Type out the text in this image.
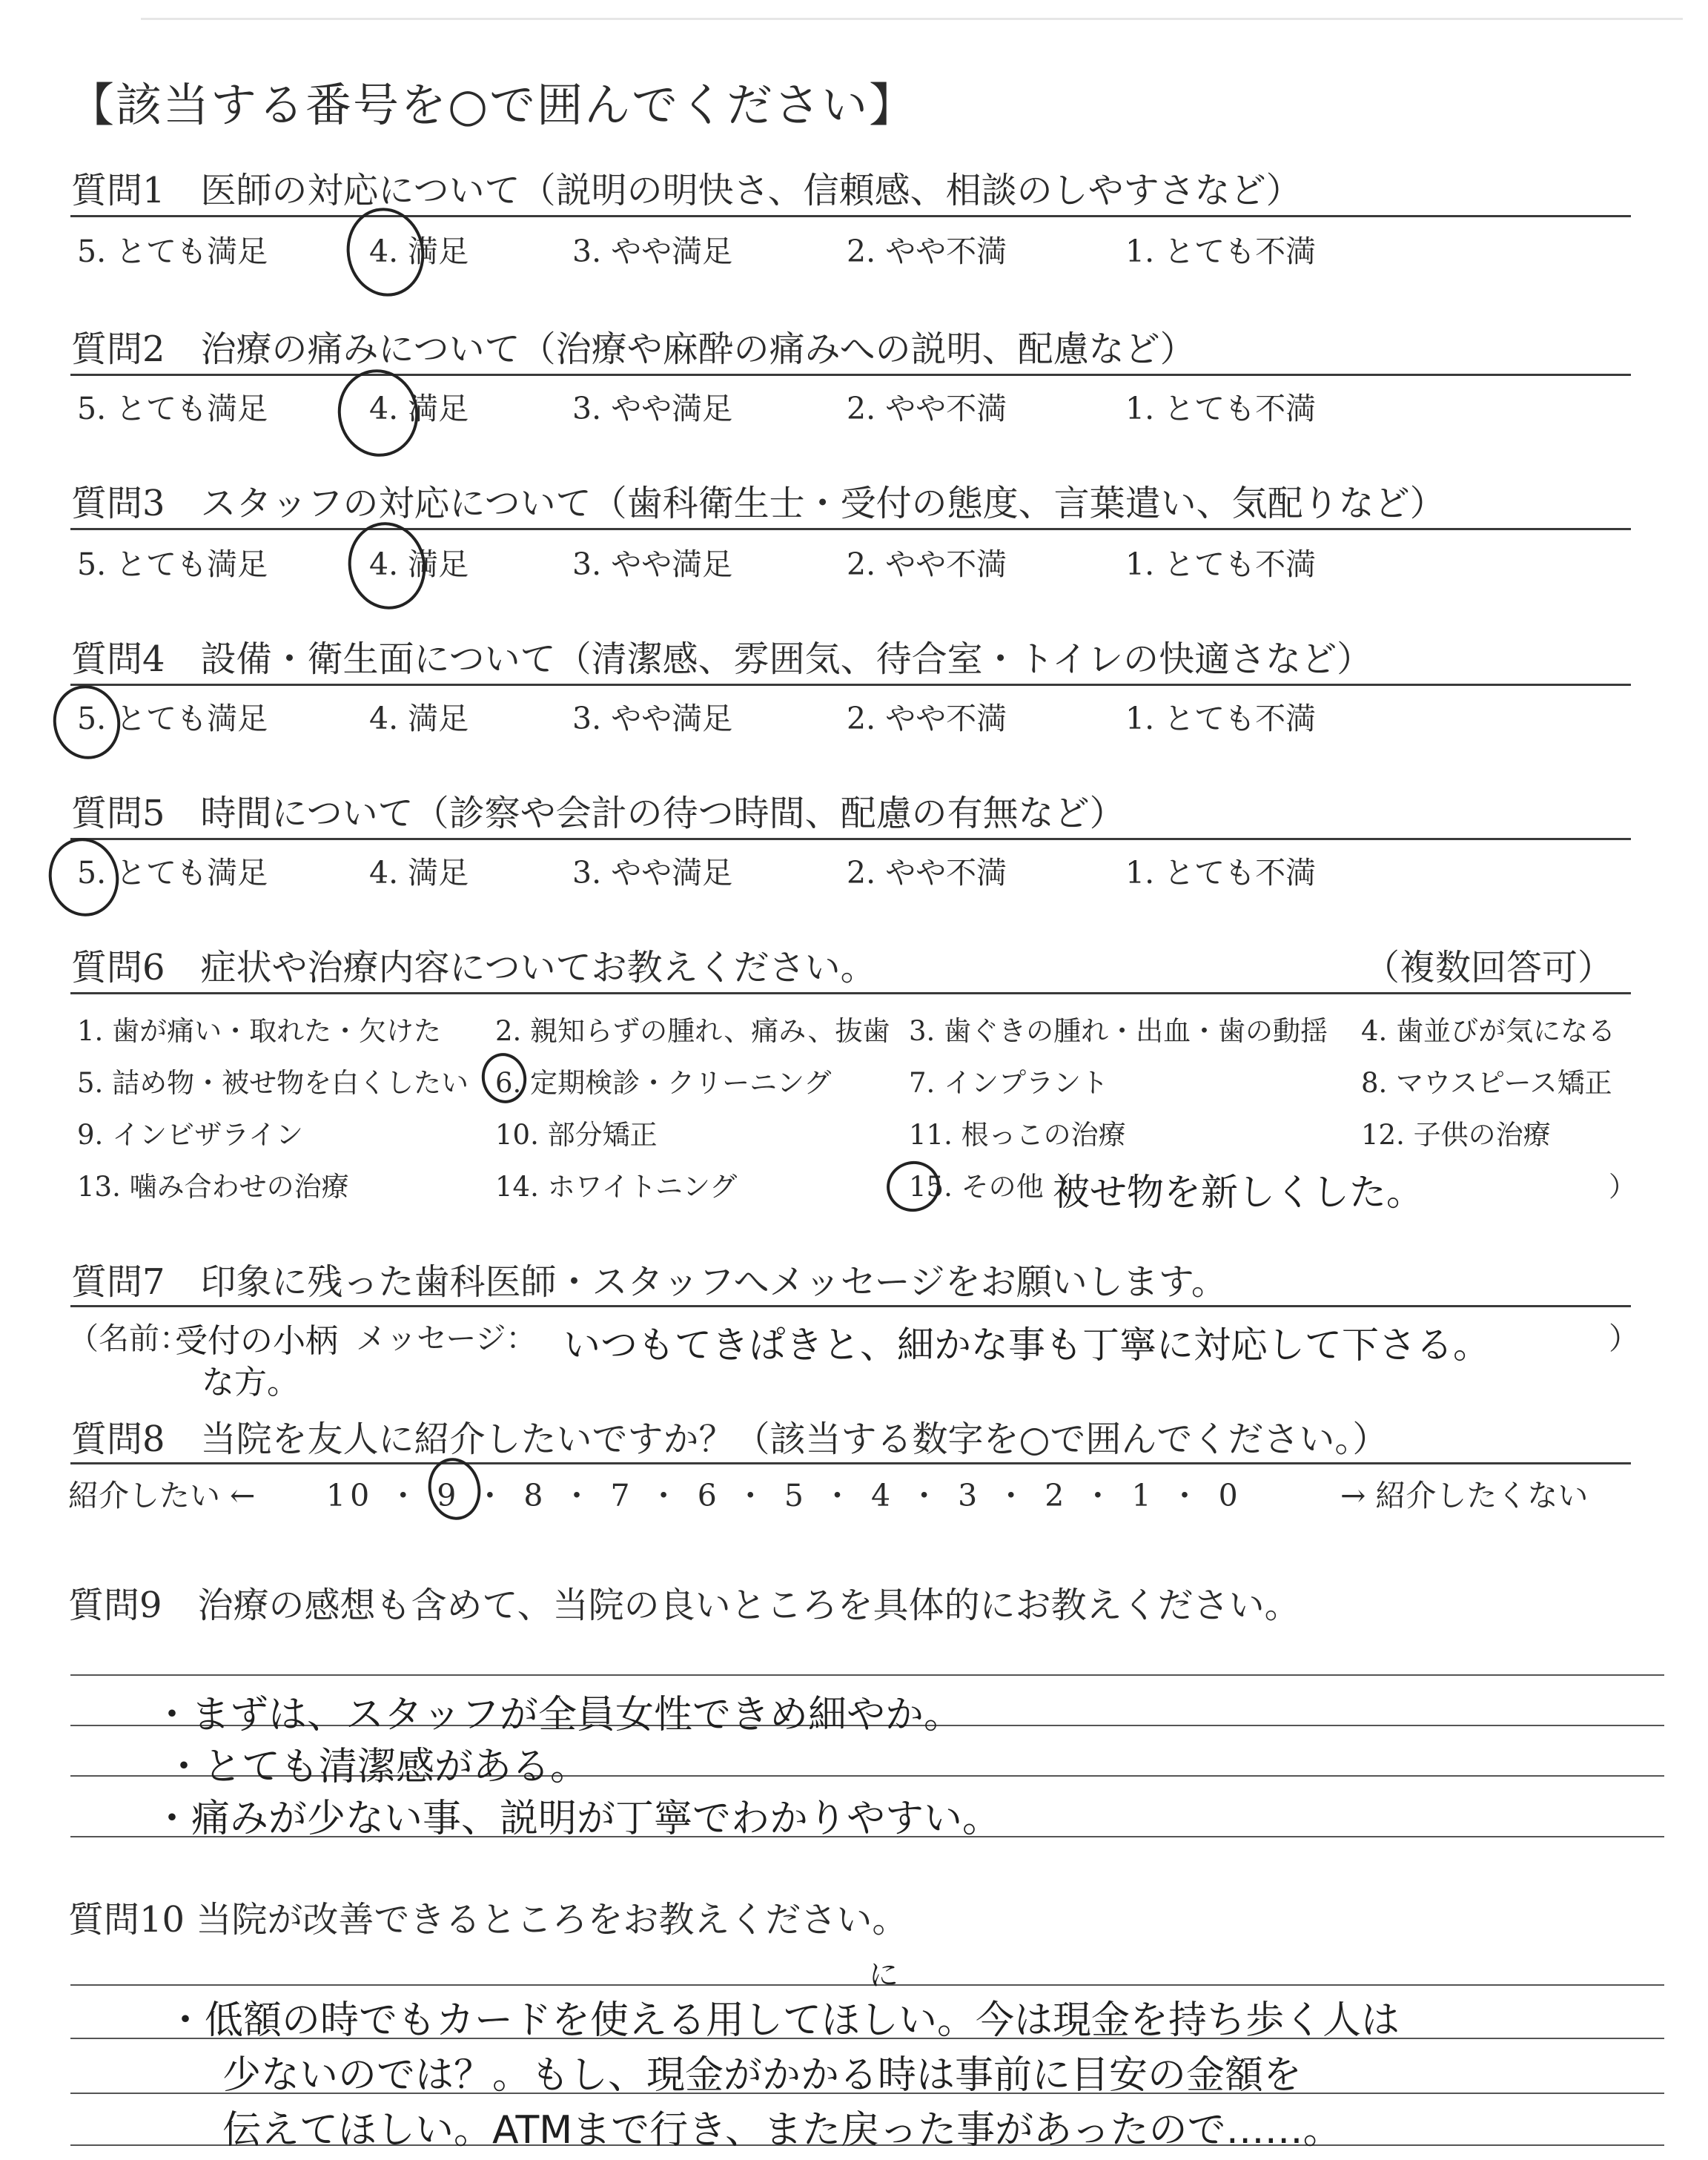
【該当する番号を○で囲んでください】
質問1　医師の対応について（説明の明快さ、信頼感、相談のしやすさなど）
5. とても満足	4. 満足	3. やや満足	2. やや不満	1. とても不満
質問2　治療の痛みについて（治療や麻酔の痛みへの説明、配慮など）
5. とても満足	4. 満足	3. やや満足	2. やや不満	1. とても不満
質問3　スタッフの対応について（歯科衛生士・受付の態度、言葉遣い、気配りなど）
5. とても満足	4. 満足	3. やや満足	2. やや不満	1. とても不満
質問4　設備・衛生面について（清潔感、雰囲気、待合室・トイレの快適さなど）
5. とても満足	4. 満足	3. やや満足	2. やや不満	1. とても不満
質問5　時間について（診察や会計の待つ時間、配慮の有無など）
5. とても満足	4. 満足	3. やや満足	2. やや不満	1. とても不満
質問6　症状や治療内容についてお教えください。	（複数回答可）
1. 歯が痛い・取れた・欠けた 2. 親知らずの腫れ、痛み、抜歯 3. 歯ぐきの腫れ・出血・歯の動揺 4. 歯並びが気になる
5. 詰め物・被せ物を白くしたい 6. 定期検診・クリーニング	7. インプラント	8. マウスピース矯正
9. インビザライン	10. 部分矯正	11. 根っこの治療	12. 子供の治療
13. 噛み合わせの治療	14. ホワイトニング	15. その他（
被せ物を新しくした。	）
質問7　印象に残った歯科医師・スタッフへメッセージをお願いします。
（名前：
受付の小柄
な方。
メッセージ： いつもてきぱきと、細かな事も丁寧に対応して下さる。	）
質問8　当院を友人に紹介したいですか？（該当する数字を○で囲んでください。）
紹介したい ← 10 ・ 9 ・ 8 ・ 7 ・ 6 ・ 5 ・ 4 ・ 3 ・ 2 ・ 1 ・ 0	→ 紹介したくない
質問9　治療の感想も含めて、当院の良いところを具体的にお教えください。
・まずは、スタッフが全員女性できめ細やか。
・とても清潔感がある。
・痛みが少ない事、説明が丁寧でわかりやすい。
質問10 当院が改善できるところをお教えください。
に
・低額の時でもカードを使える用してほしい。今は現金を持ち歩く人は
少ないのでは？。もし、現金がかかる時は事前に目安の金額を
伝えてほしい。ATMまで行き、また戻った事があったので……。
